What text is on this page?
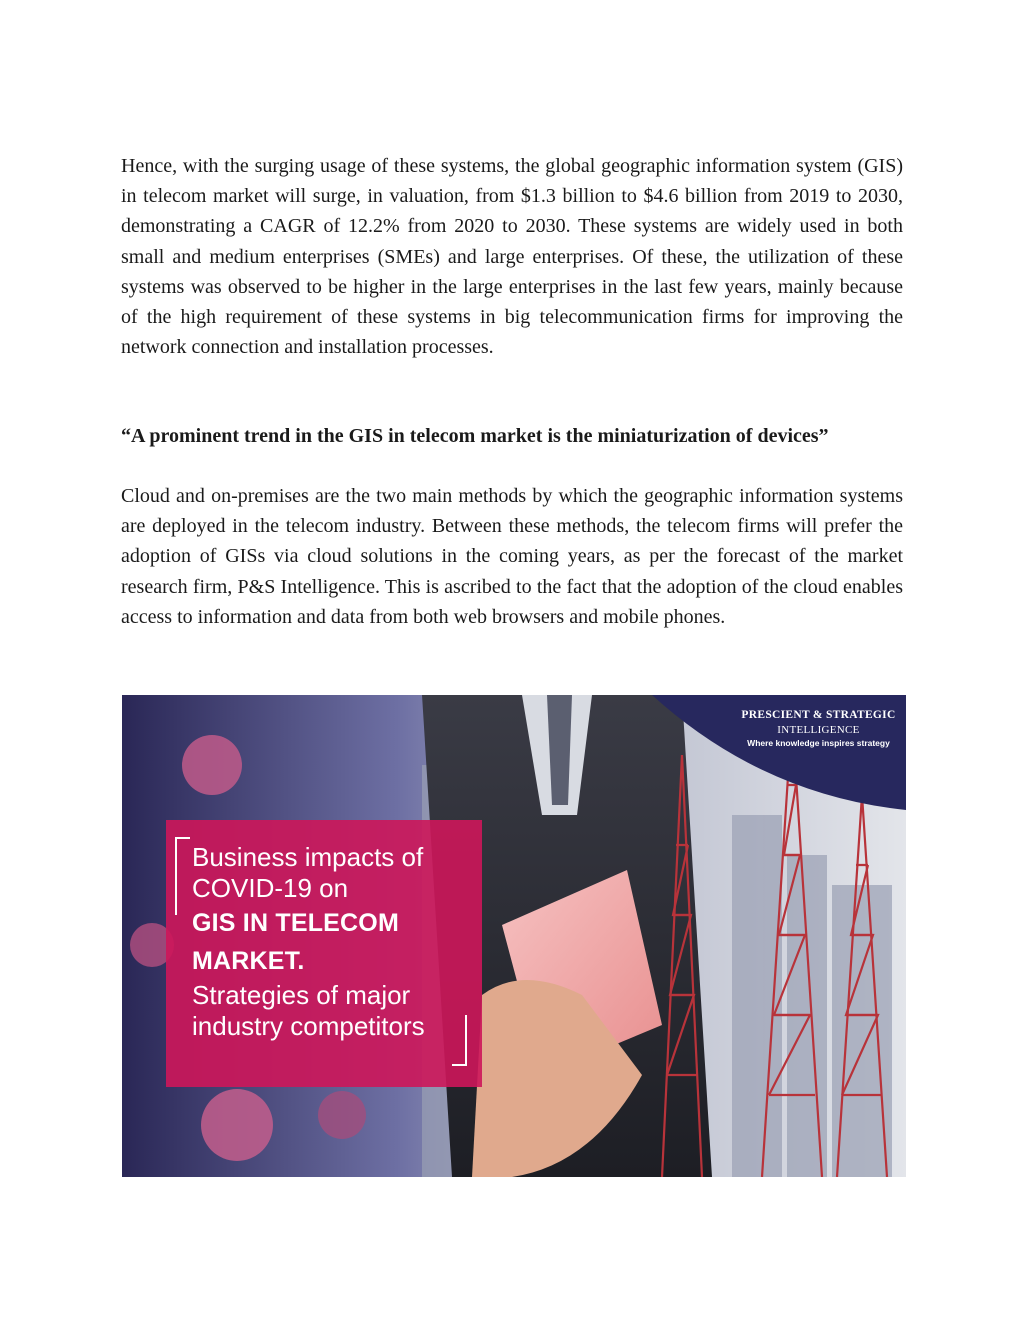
Hence, with the surging usage of these systems, the global geographic information system (GIS) in telecom market will surge, in valuation, from $1.3 billion to $4.6 billion from 2019 to 2030, demonstrating a CAGR of 12.2% from 2020 to 2030. These systems are widely used in both small and medium enterprises (SMEs) and large enterprises. Of these, the utilization of these systems was observed to be higher in the large enterprises in the last few years, mainly because of the high requirement of these systems in big telecommunication firms for improving the network connection and installation processes.

“A prominent trend in the GIS in telecom market is the miniaturization of devices”

Cloud and on-premises are the two main methods by which the geographic information systems are deployed in the telecom industry. Between these methods, the telecom firms will prefer the adoption of GISs via cloud solutions in the coming years, as per the forecast of the market research firm, P&S Intelligence. This is ascribed to the fact that the adoption of the cloud enables access to information and data from both web browsers and mobile phones.

PRESCIENT & STRATEGIC
INTELLIGENCE
Where knowledge inspires strategy
Business impacts of
COVID-19 on
GIS IN TELECOM
MARKET.
Strategies of major
industry competitors
